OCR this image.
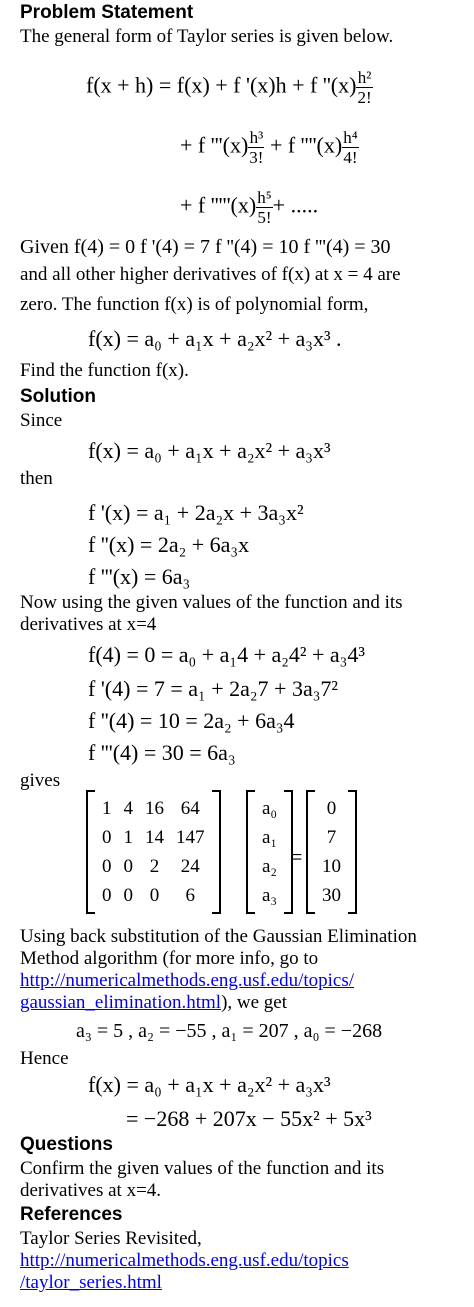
Problem Statement
The general form of Taylor series is given below.
f(x + h) = f(x) + f '(x)h + f ''$(x) \frac{\text{h²}}{2!}$
+ f '''$(x) \frac{\text{h³}}{3!} + f$ ''''$(x) \frac{\text{h⁴}}{4!}$
+ f '''''$(x) \frac{\text{h⁵}}{5!}$ + .....
Given f(4) = 0 f '(4) = 7 f ''(4) = 10 f '''(4) = 30
and all other higher derivatives of f(x) at x = 4 are
zero. The function f(x) is of polynomial form,
f(x) = a₀ + a₁x + a₂x² + a₃x³ .
Find the function f(x).
Solution
Since
f(x) = a₀ + a₁x + a₂x² + a₃x³
then
f '(x) = a₁ + 2a₂x + 3a₃x²
f ''(x) = 2a₂ + 6a₃x
f '''(x) = 6a₃
Now using the given values of the function and its
derivatives at x=4
f(4) = 0 = a₀ + a₁4 + a₂4² + a₃4³
f '(4) = 7 = a₁ + 2a₂7 + 3a₃7²
f ''(4) = 10 = 2a₂ + 6a₃4
f '''(4) = 30 = 6a₃
gives
1	4	16	64
0	1	14	147
0	0	2	24
0	0	0	6
a₀
a₁
a₂
a₃
=
0
7
10
30
Using back substitution of the Gaussian Elimination
Method algorithm (for more info, go to
http://numericalmethods.eng.usf.edu/topics/
gaussian_elimination.html), we get
a₃ = 5 , a₂ = −55 , a₁ = 207 , a₀ = −268
Hence
f(x) = a₀ + a₁x + a₂x² + a₃x³
= −268 + 207x − 55x² + 5x³
Questions
Confirm the given values of the function and its
derivatives at x=4.
References
Taylor Series Revisited,
http://numericalmethods.eng.usf.edu/topics
/taylor_series.html
